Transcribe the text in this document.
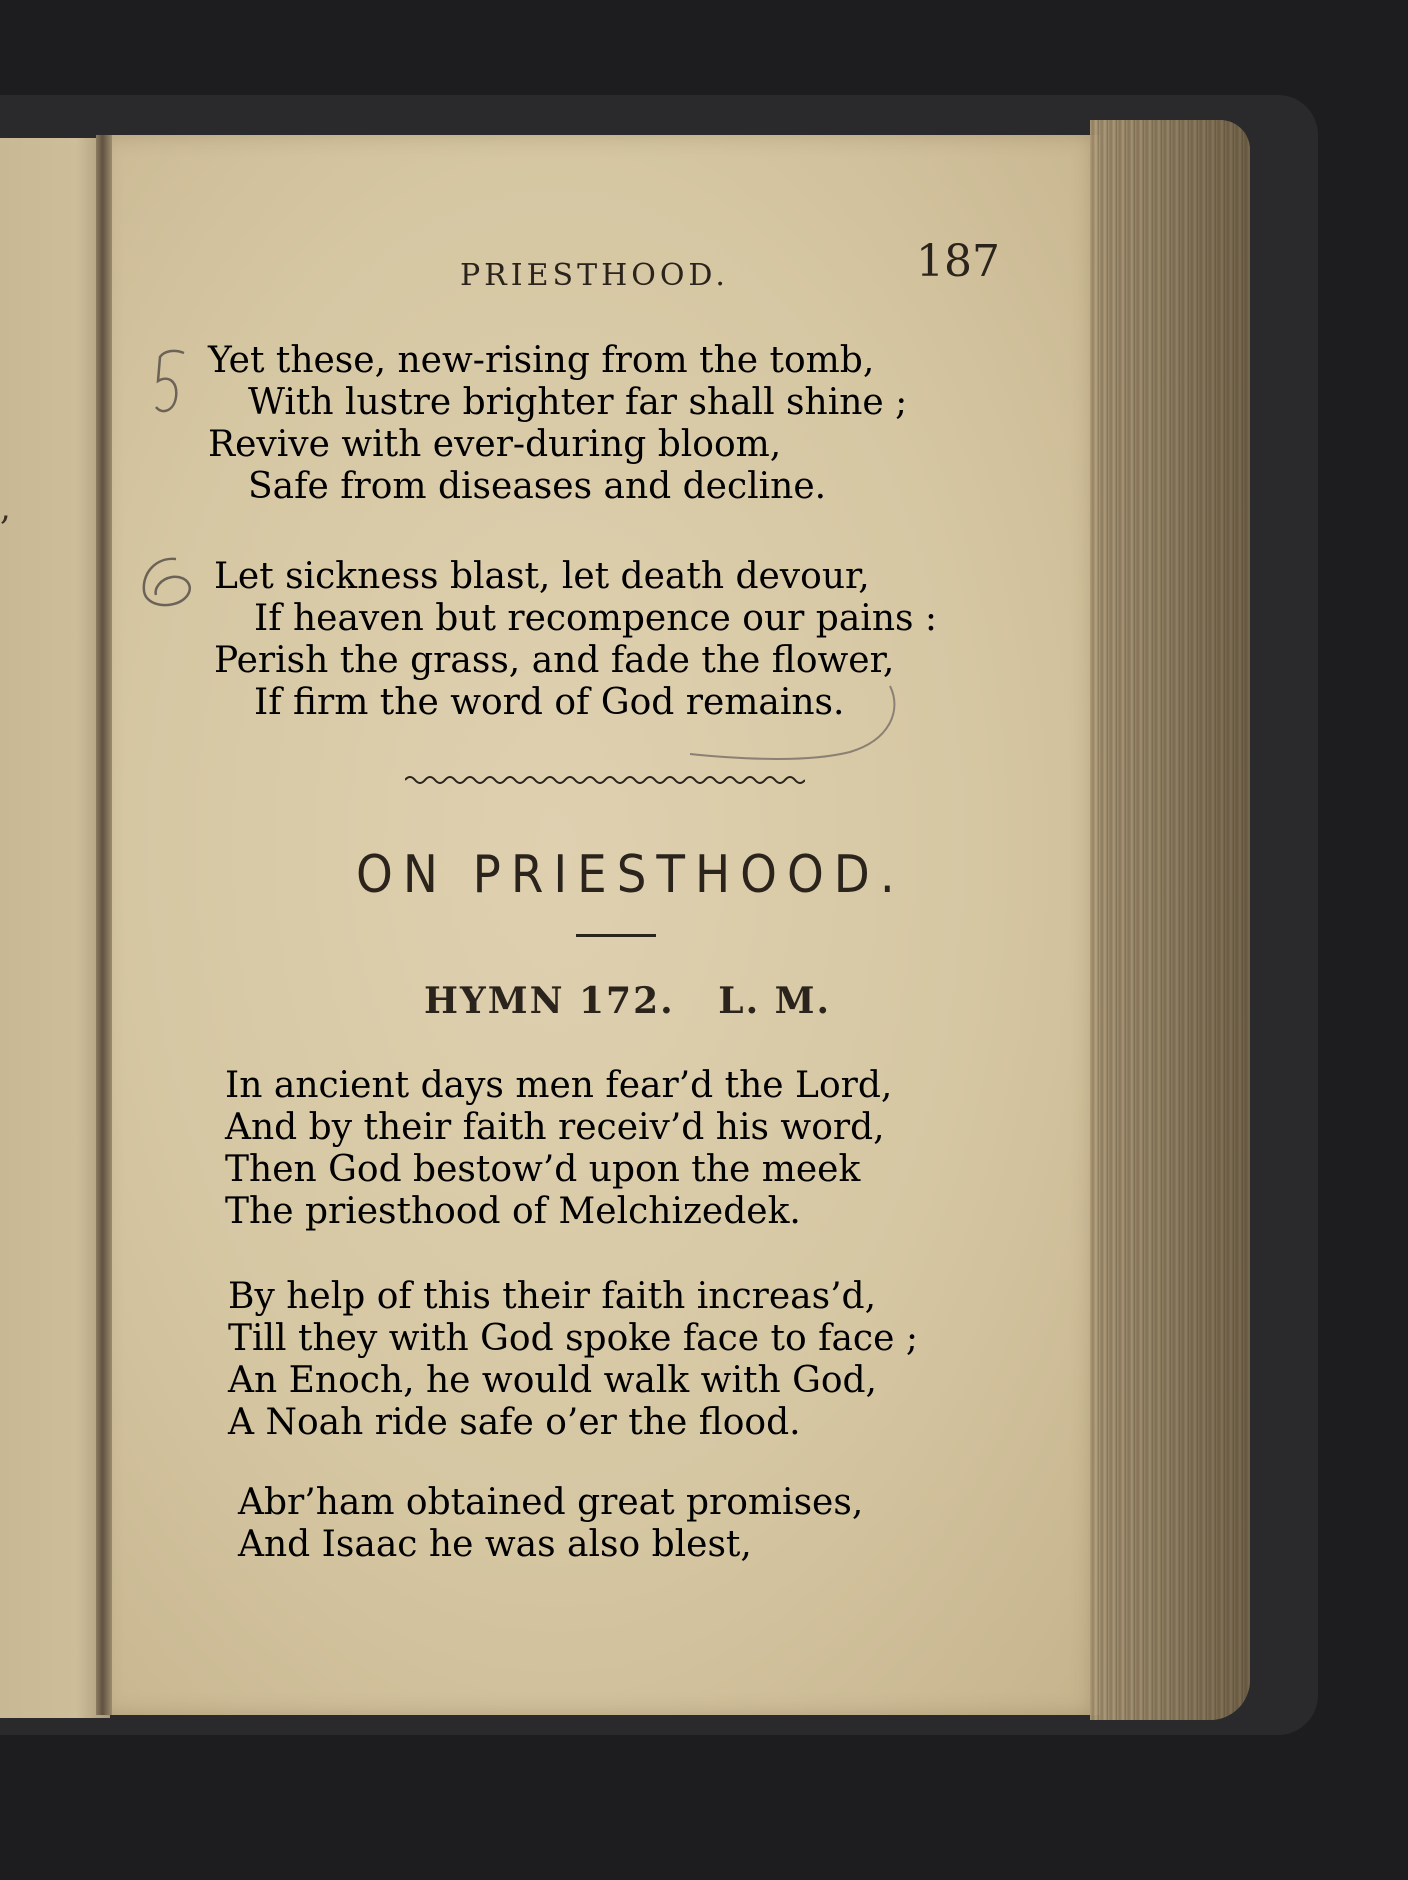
,
PRIESTHOOD.	187
Yet these, new-rising from the tomb,
With lustre brighter far shall shine ;
Revive with ever-during bloom,
Safe from diseases and decline.
Let sickness blast, let death devour,
If heaven but recompence our pains :
Perish the grass, and fade the flower,
If firm the word of God remains.
ON PRIESTHOOD.
HYMN 172.   L. M.
In ancient days men fear’d the Lord,
And by their faith receiv’d his word,
Then God bestow’d upon the meek
The priesthood of Melchizedek.
By help of this their faith increas’d,
Till they with God spoke face to face ;
An Enoch, he would walk with God,
A Noah ride safe o’er the flood.
Abr’ham obtained great promises,
And Isaac he was also blest,
